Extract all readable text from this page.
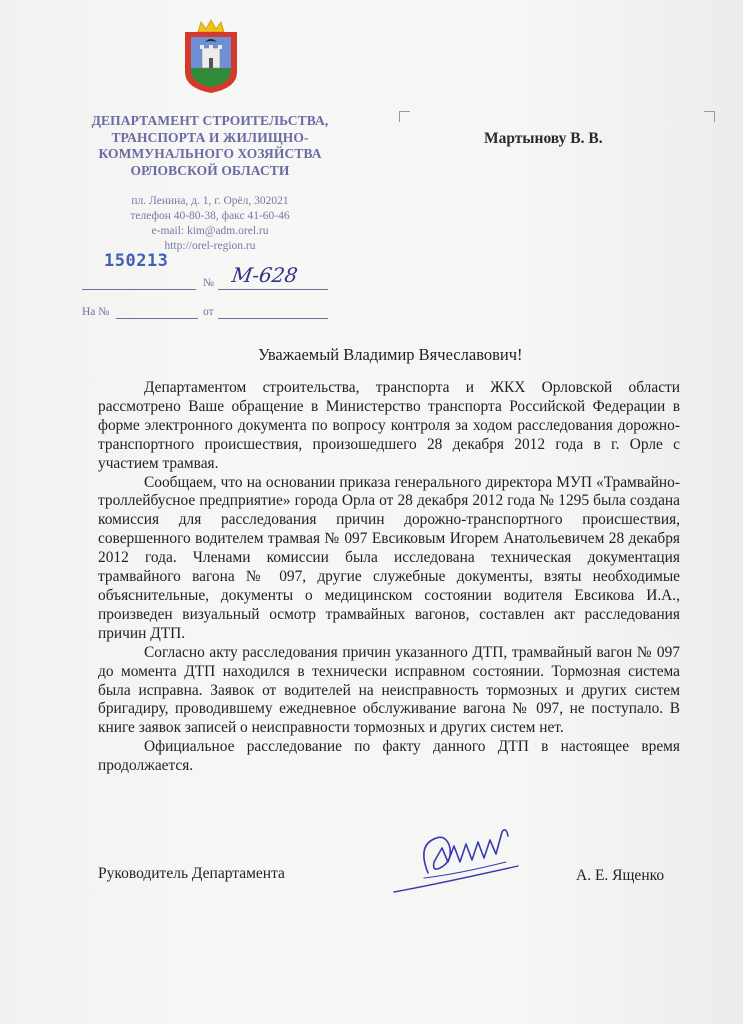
ДЕПАРТАМЕНТ СТРОИТЕЛЬСТВА,
ТРАНСПОРТА И ЖИЛИЩНО-
КОММУНАЛЬНОГО ХОЗЯЙСТВА
ОРЛОВСКОЙ ОБЛАСТИ
пл. Ленина, д. 1, г. Орёл, 302021
телефон 40-80-38, факс 41-60-46
e-mail: kim@adm.orel.ru
http://orel-region.ru
150213
№ М-628
На №	от
Мартынову В. В.
Уважаемый Владимир Вячеславович!

Департаментом строительства, транспорта и ЖКХ Орловской области рассмотрено Ваше обращение в Министерство транспорта Российской Федерации в форме электронного документа по вопросу контроля за ходом расследования дорожно-транспортного происшествия, произошедшего 28 декабря 2012 года в г. Орле с участием трамвая.

Сообщаем, что на основании приказа генерального директора МУП «Трамвайно-троллейбусное предприятие» города Орла от 28 декабря 2012 года № 1295 была создана комиссия для расследования причин дорожно-транспортного происшествия, совершенного водителем трамвая № 097 Евсиковым Игорем Анатольевичем 28 декабря 2012 года. Членами комиссии была исследована техническая документация трамвайного вагона № 097, другие служебные документы, взяты необходимые объяснительные, документы о медицинском состоянии водителя Евсикова И.А., произведен визуальный осмотр трамвайных вагонов, составлен акт расследования причин ДТП.

Согласно акту расследования причин указанного ДТП, трамвайный вагон № 097 до момента ДТП находился в технически исправном состоянии. Тормозная система была исправна. Заявок от водителей на неисправность тормозных и других систем бригадиру, проводившему ежедневное обслуживание вагона № 097, не поступало. В книге заявок записей о неисправности тормозных и других систем нет.

Официальное расследование по факту данного ДТП в настоящее время продолжается.

Руководитель Департамента	А. Е. Ященко
